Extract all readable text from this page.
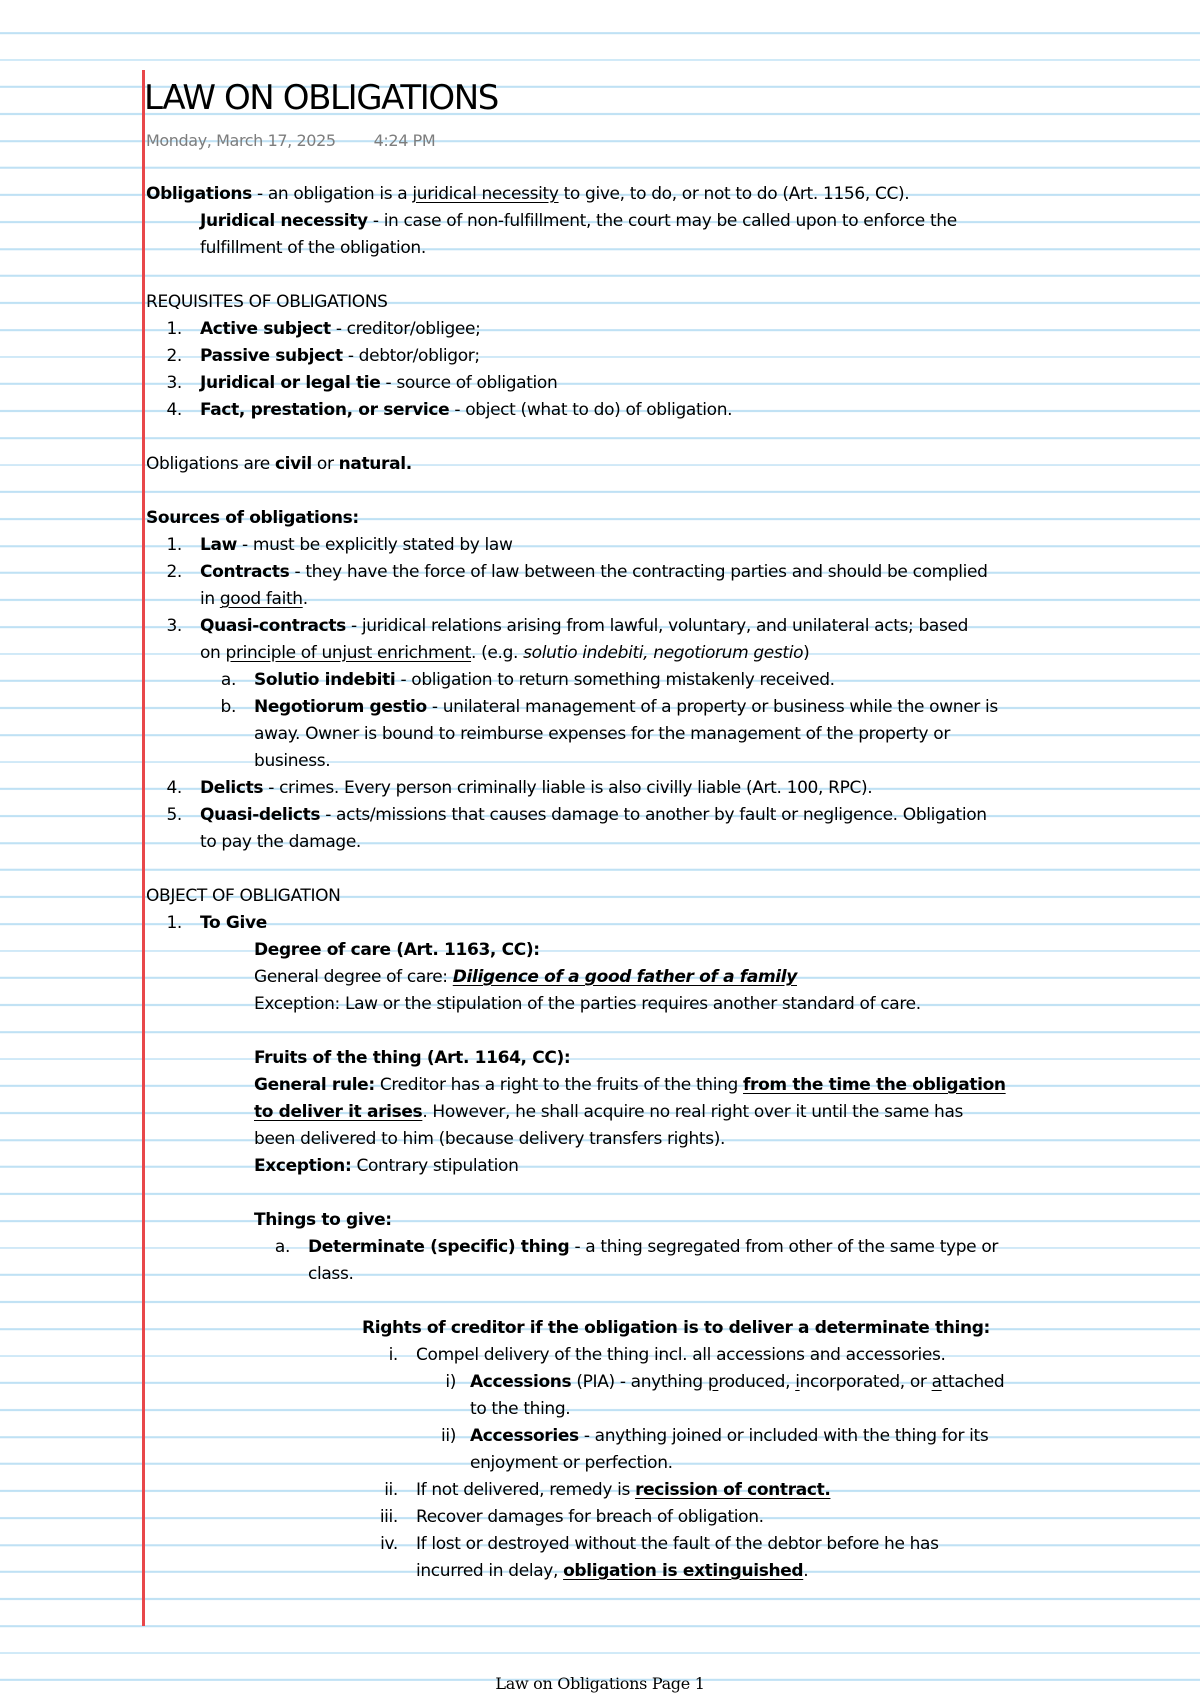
LAW ON OBLIGATIONS
Monday, March 17, 2025 4:24 PM
Obligations - an obligation is a juridical necessity to give, to do, or not to do (Art. 1156, CC).
Juridical necessity - in case of non-fulfillment, the court may be called upon to enforce the
fulfillment of the obligation.
REQUISITES OF OBLIGATIONS
1. Active subject - creditor/obligee;
2. Passive subject - debtor/obligor;
3. Juridical or legal tie - source of obligation
4. Fact, prestation, or service - object (what to do) of obligation.
Obligations are civil or natural.
Sources of obligations:
1. Law - must be explicitly stated by law
2. Contracts - they have the force of law between the contracting parties and should be complied
in good faith.
3. Quasi-contracts - juridical relations arising from lawful, voluntary, and unilateral acts; based
on principle of unjust enrichment. (e.g. solutio indebiti, negotiorum gestio)
a. Solutio indebiti - obligation to return something mistakenly received.
b. Negotiorum gestio - unilateral management of a property or business while the owner is
away. Owner is bound to reimburse expenses for the management of the property or
business.
4. Delicts - crimes. Every person criminally liable is also civilly liable (Art. 100, RPC).
5. Quasi-delicts - acts/missions that causes damage to another by fault or negligence. Obligation
to pay the damage.
OBJECT OF OBLIGATION
1. To Give
Degree of care (Art. 1163, CC):
General degree of care: Diligence of a good father of a family
Exception: Law or the stipulation of the parties requires another standard of care.
Fruits of the thing (Art. 1164, CC):
General rule: Creditor has a right to the fruits of the thing from the time the obligation
to deliver it arises. However, he shall acquire no real right over it until the same has
been delivered to him (because delivery transfers rights).
Exception: Contrary stipulation
Things to give:
a. Determinate (specific) thing - a thing segregated from other of the same type or
class.
Rights of creditor if the obligation is to deliver a determinate thing:
i. Compel delivery of the thing incl. all accessions and accessories.
i) Accessions (PIA) - anything produced, incorporated, or attached
to the thing.
ii) Accessories - anything joined or included with the thing for its
enjoyment or perfection.
ii. If not delivered, remedy is recission of contract.
iii. Recover damages for breach of obligation.
iv. If lost or destroyed without the fault of the debtor before he has
incurred in delay, obligation is extinguished.
Law on Obligations Page 1
